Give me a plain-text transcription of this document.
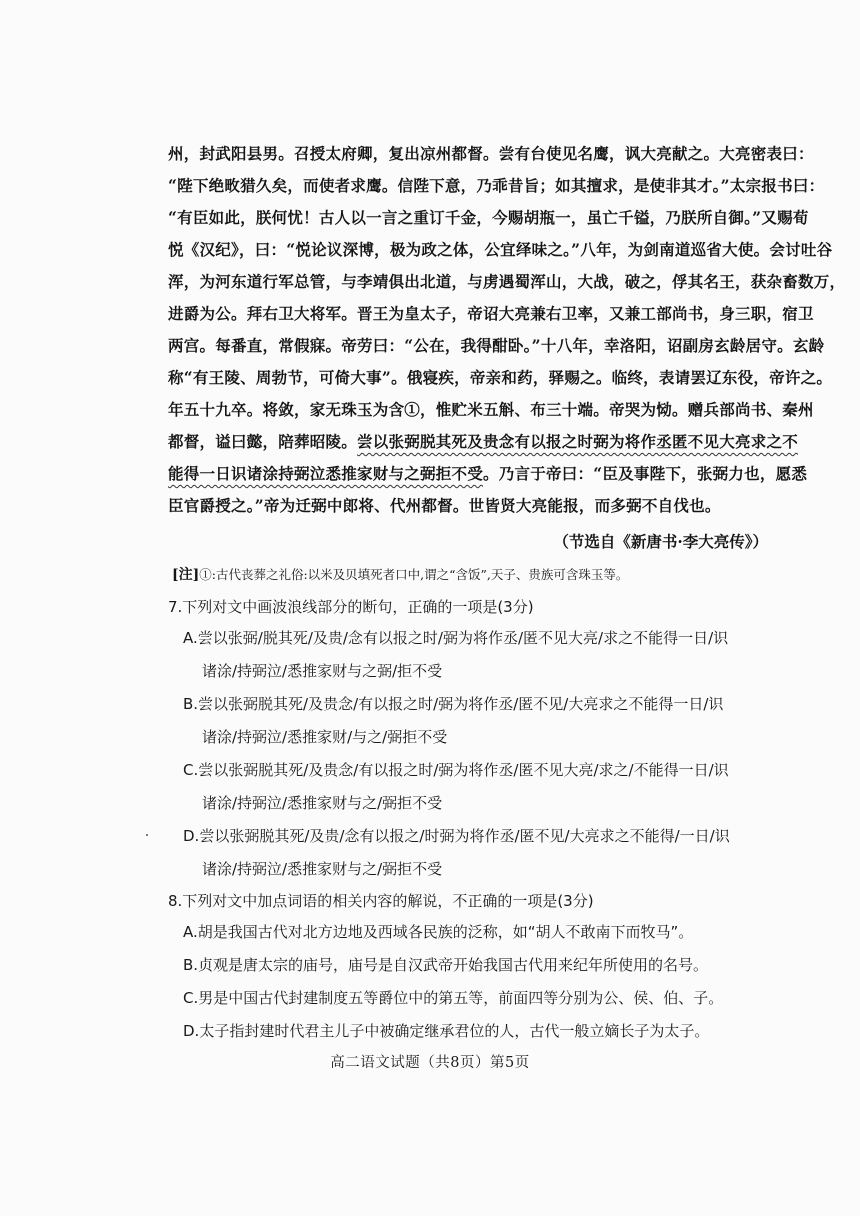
州，封武阳县男。召授太府卿，复出凉州都督。尝有台使见名鹰，讽大亮献之。大亮密表曰：
“陛下绝畋猎久矣，而使者求鹰。信陛下意，乃乖昔旨；如其擅求，是使非其才。”太宗报书曰：
“有臣如此，朕何忧！古人以一言之重订千金，今赐胡瓶一，虽亡千镒，乃朕所自御。”又赐荀
悦《汉纪》，曰：“悦论议深博，极为政之体，公宜绎味之。”八年，为剑南道巡省大使。会讨吐谷
浑，为河东道行军总管，与李靖俱出北道，与虏遇蜀浑山，大战，破之，俘其名王，获杂畜数万，
进爵为公。拜右卫大将军。晋王为皇太子，帝诏大亮兼右卫率，又兼工部尚书，身三职，宿卫
两宫。每番直，常假寐。帝劳曰：“公在，我得酣卧。”十八年，幸洛阳，诏副房玄龄居守。玄龄
称“有王陵、周勃节，可倚大事”。俄寝疾，帝亲和药，驿赐之。临终，表请罢辽东役，帝许之。
年五十九卒。将敛，家无珠玉为含①，惟贮米五斛、布三十端。帝哭为恸。赠兵部尚书、秦州
都督，谥曰懿，陪葬昭陵。尝以张弼脱其死及贵念有以报之时弼为将作丞匿不见大亮求之不
能得一日识诸涂持弼泣悉推家财与之弼拒不受。乃言于帝曰：“臣及事陛下，张弼力也，愿悉
臣官爵授之。”帝为迁弼中郎将、代州都督。世皆贤大亮能报，而多弼不自伐也。
（节选自《新唐书·李大亮传》）
[注]①:古代丧葬之礼俗:以米及贝填死者口中,谓之“含饭”,天子、贵族可含珠玉等。
7.下列对文中画波浪线部分的断句，正确的一项是(3分)
A.尝以张弼/脱其死/及贵/念有以报之时/弼为将作丞/匿不见大亮/求之不能得一日/识
诸涂/持弼泣/悉推家财与之弼/拒不受
B.尝以张弼脱其死/及贵念/有以报之时/弼为将作丞/匿不见/大亮求之不能得一日/识
诸涂/持弼泣/悉推家财/与之/弼拒不受
C.尝以张弼脱其死/及贵念/有以报之时/弼为将作丞/匿不见大亮/求之/不能得一日/识
诸涂/持弼泣/悉推家财与之/弼拒不受
D.尝以张弼脱其死/及贵/念有以报之/时弼为将作丞/匿不见/大亮求之不能得/一日/识
诸涂/持弼泣/悉推家财与之/弼拒不受
8.下列对文中加点词语的相关内容的解说，不正确的一项是(3分)
A.胡是我国古代对北方边地及西域各民族的泛称，如“胡人不敢南下而牧马”。
B.贞观是唐太宗的庙号，庙号是自汉武帝开始我国古代用来纪年所使用的名号。
C.男是中国古代封建制度五等爵位中的第五等，前面四等分别为公、侯、伯、子。
D.太子指封建时代君主儿子中被确定继承君位的人，古代一般立嫡长子为太子。
高二语文试题（共8页）第5页
